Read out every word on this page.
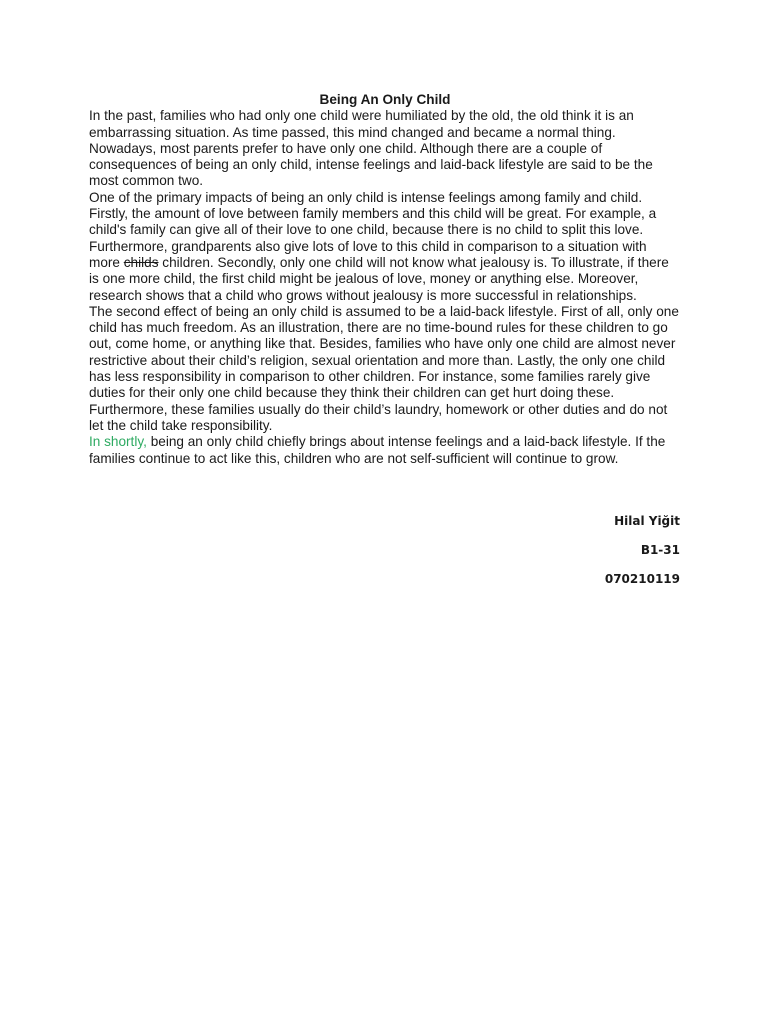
Being An Only Child

In the past, families who had only one child were humiliated by the old, the old think it is an embarrassing situation. As time passed, this mind changed and became a normal thing. Nowadays, most parents prefer to have only one child. Although there are a couple of consequences of being an only child, intense feelings and laid-back lifestyle are said to be the most common two.

One of the primary impacts of being an only child is intense feelings among family and child. Firstly, the amount of love between family members and this child will be great. For example, a child's family can give all of their love to one child, because there is no child to split this love. Furthermore, grandparents also give lots of love to this child in comparison to a situation with more childs children. Secondly, only one child will not know what jealousy is. To illustrate, if there is one more child, the first child might be jealous of love, money or anything else. Moreover, research shows that a child who grows without jealousy is more successful in relationships.

The second effect of being an only child is assumed to be a laid-back lifestyle. First of all, only one child has much freedom. As an illustration, there are no time-bound rules for these children to go out, come home, or anything like that. Besides, families who have only one child are almost never restrictive about their child’s religion, sexual orientation and more than. Lastly, the only one child has less responsibility in comparison to other children. For instance, some families rarely give duties for their only one child because they think their children can get hurt doing these. Furthermore, these families usually do their child’s laundry, homework or other duties and do not let the child take responsibility.

In shortly, being an only child chiefly brings about intense feelings and a laid-back lifestyle. If the families continue to act like this, children who are not self-sufficient will continue to grow.

Hilal Yiğit
B1-31
070210119
